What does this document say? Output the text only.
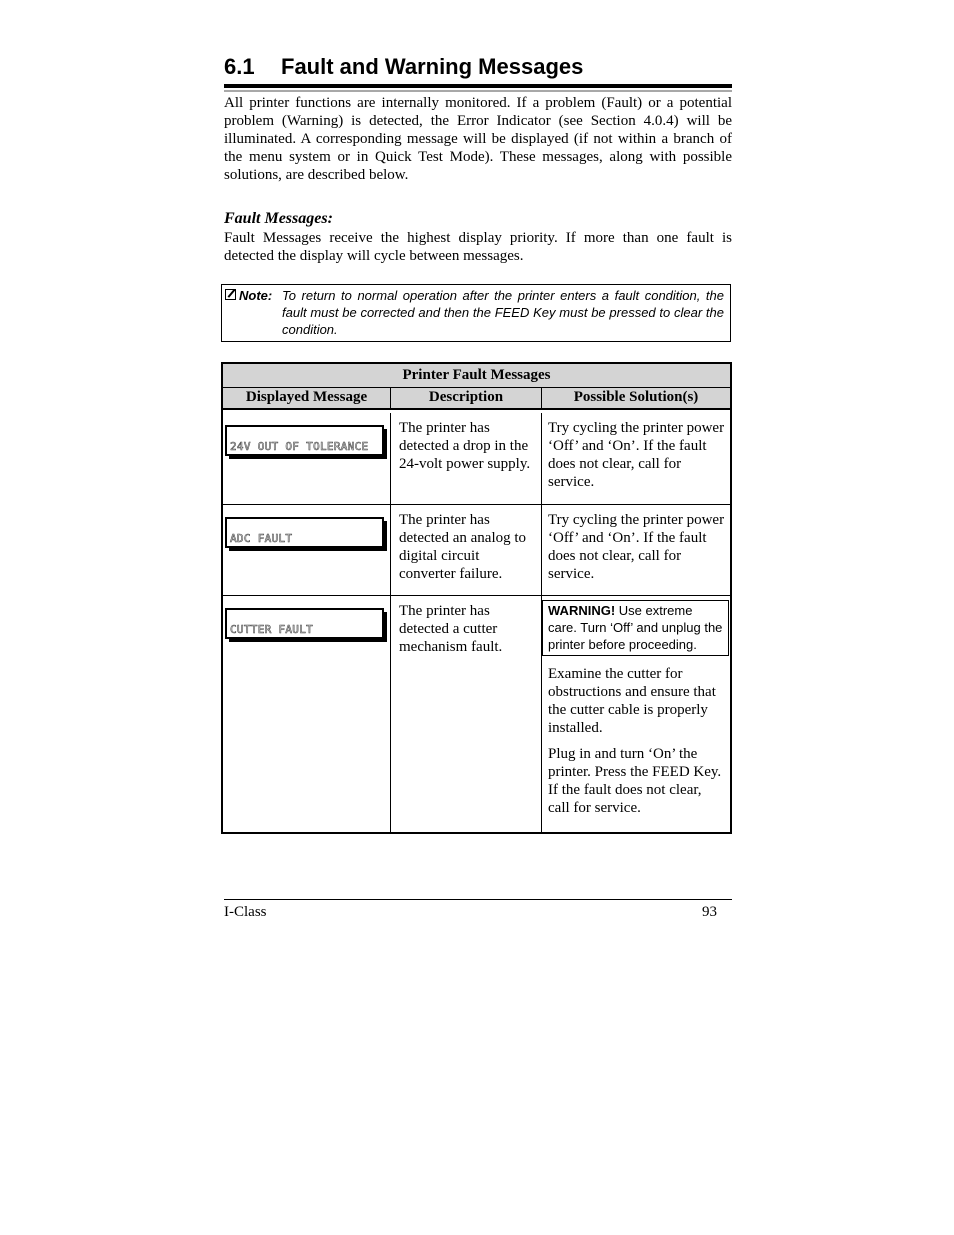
6.1 Fault and Warning Messages

All printer functions are internally monitored. If a problem (Fault) or a potential problem (Warning) is detected, the Error Indicator (see Section 4.0.4) will be illuminated. A corresponding message will be displayed (if not within a branch of the menu system or in Quick Test Mode). These messages, along with possible solutions, are described below.

Fault Messages:

Fault Messages receive the highest display priority. If more than one fault is detected the display will cycle between messages.

Note: To return to normal operation after the printer enters a fault condition, the fault must be corrected and then the FEED Key must be pressed to clear the condition.
Printer Fault Messages		
Displayed Message	Description	Possible Solution(s)

24V OUT OF TOLERANCE	The printer has detected a drop in the 24-volt power supply.	Try cycling the printer power ‘Off’ and ‘On’. If the fault does not clear, call for service.

ADC FAULT	The printer has detected an analog to digital circuit converter failure.	Try cycling the printer power ‘Off’ and ‘On’. If the fault does not clear, call for service.

CUTTER FAULT	The printer has detected a cutter mechanism fault.	WARNING! Use extreme care. Turn ‘Off’ and unplug the printer before proceeding.

Examine the cutter for obstructions and ensure that the cutter cable is properly installed.

Plug in and turn ‘On’ the printer. Press the FEED Key. If the fault does not clear, call for service.

I-Class	93
